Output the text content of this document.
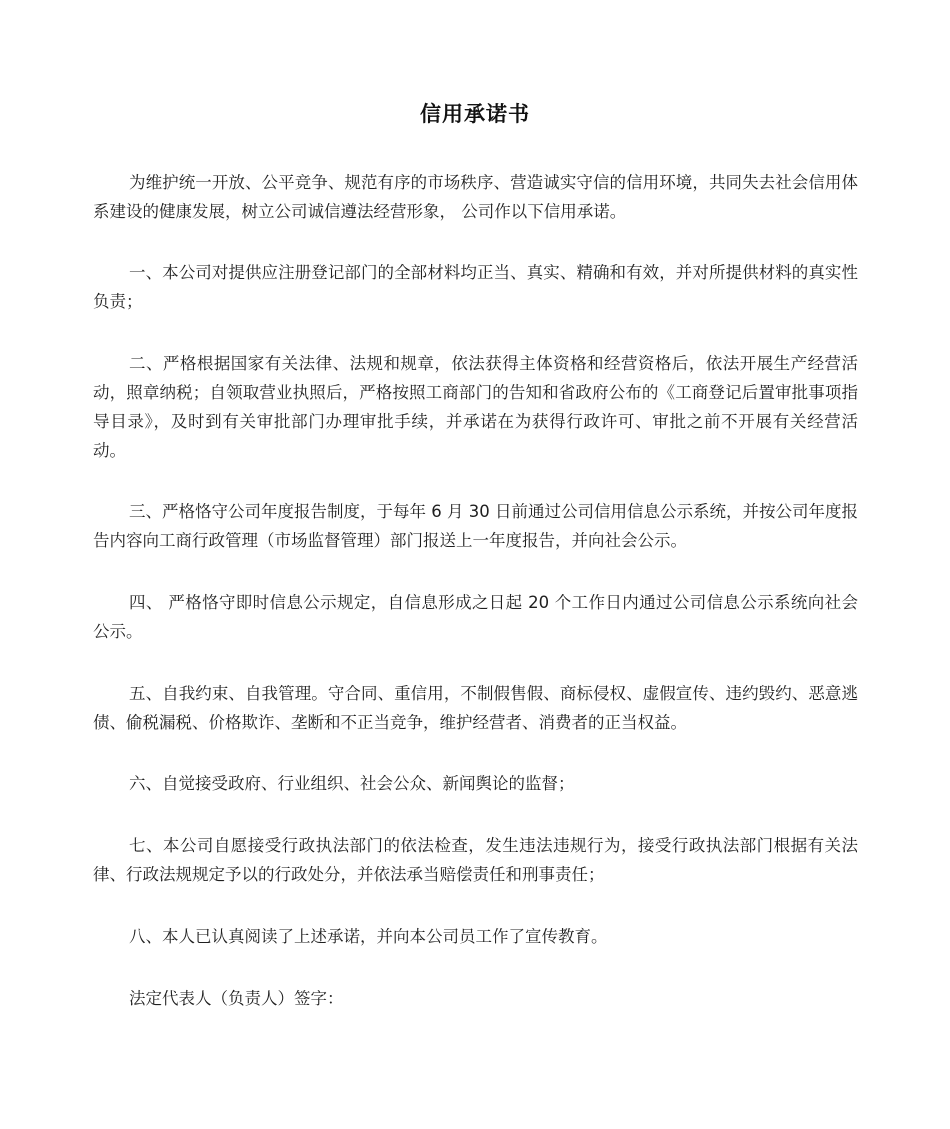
信用承诺书
为维护统一开放、公平竞争、规范有序的市场秩序、营造诚实守信的信用环境，共同失去社会信用体系建设的健康发展，树立公司诚信遵法经营形象， 公司作以下信用承诺。
一、本公司对提供应注册登记部门的全部材料均正当、真实、精确和有效，并对所提供材料的真实性负责；
二、严格根据国家有关法律、法规和规章，依法获得主体资格和经营资格后，依法开展生产经营活动，照章纳税；自领取营业执照后，严格按照工商部门的告知和省政府公布的《工商登记后置审批事项指导目录》，及时到有关审批部门办理审批手续，并承诺在为获得行政许可、审批之前不开展有关经营活动。
三、严格恪守公司年度报告制度，于每年 6 月 30 日前通过公司信用信息公示系统，并按公司年度报告内容向工商行政管理（市场监督管理）部门报送上一年度报告，并向社会公示。
四、 严格恪守即时信息公示规定，自信息形成之日起 20 个工作日内通过公司信息公示系统向社会公示。
五、自我约束、自我管理。守合同、重信用，不制假售假、商标侵权、虚假宣传、违约毁约、恶意逃债、偷税漏税、价格欺诈、垄断和不正当竞争，维护经营者、消费者的正当权益。
六、自觉接受政府、行业组织、社会公众、新闻舆论的监督；
七、本公司自愿接受行政执法部门的依法检查，发生违法违规行为，接受行政执法部门根据有关法律、行政法规规定予以的行政处分，并依法承当赔偿责任和刑事责任；
八、本人已认真阅读了上述承诺，并向本公司员工作了宣传教育。
法定代表人（负责人）签字：
